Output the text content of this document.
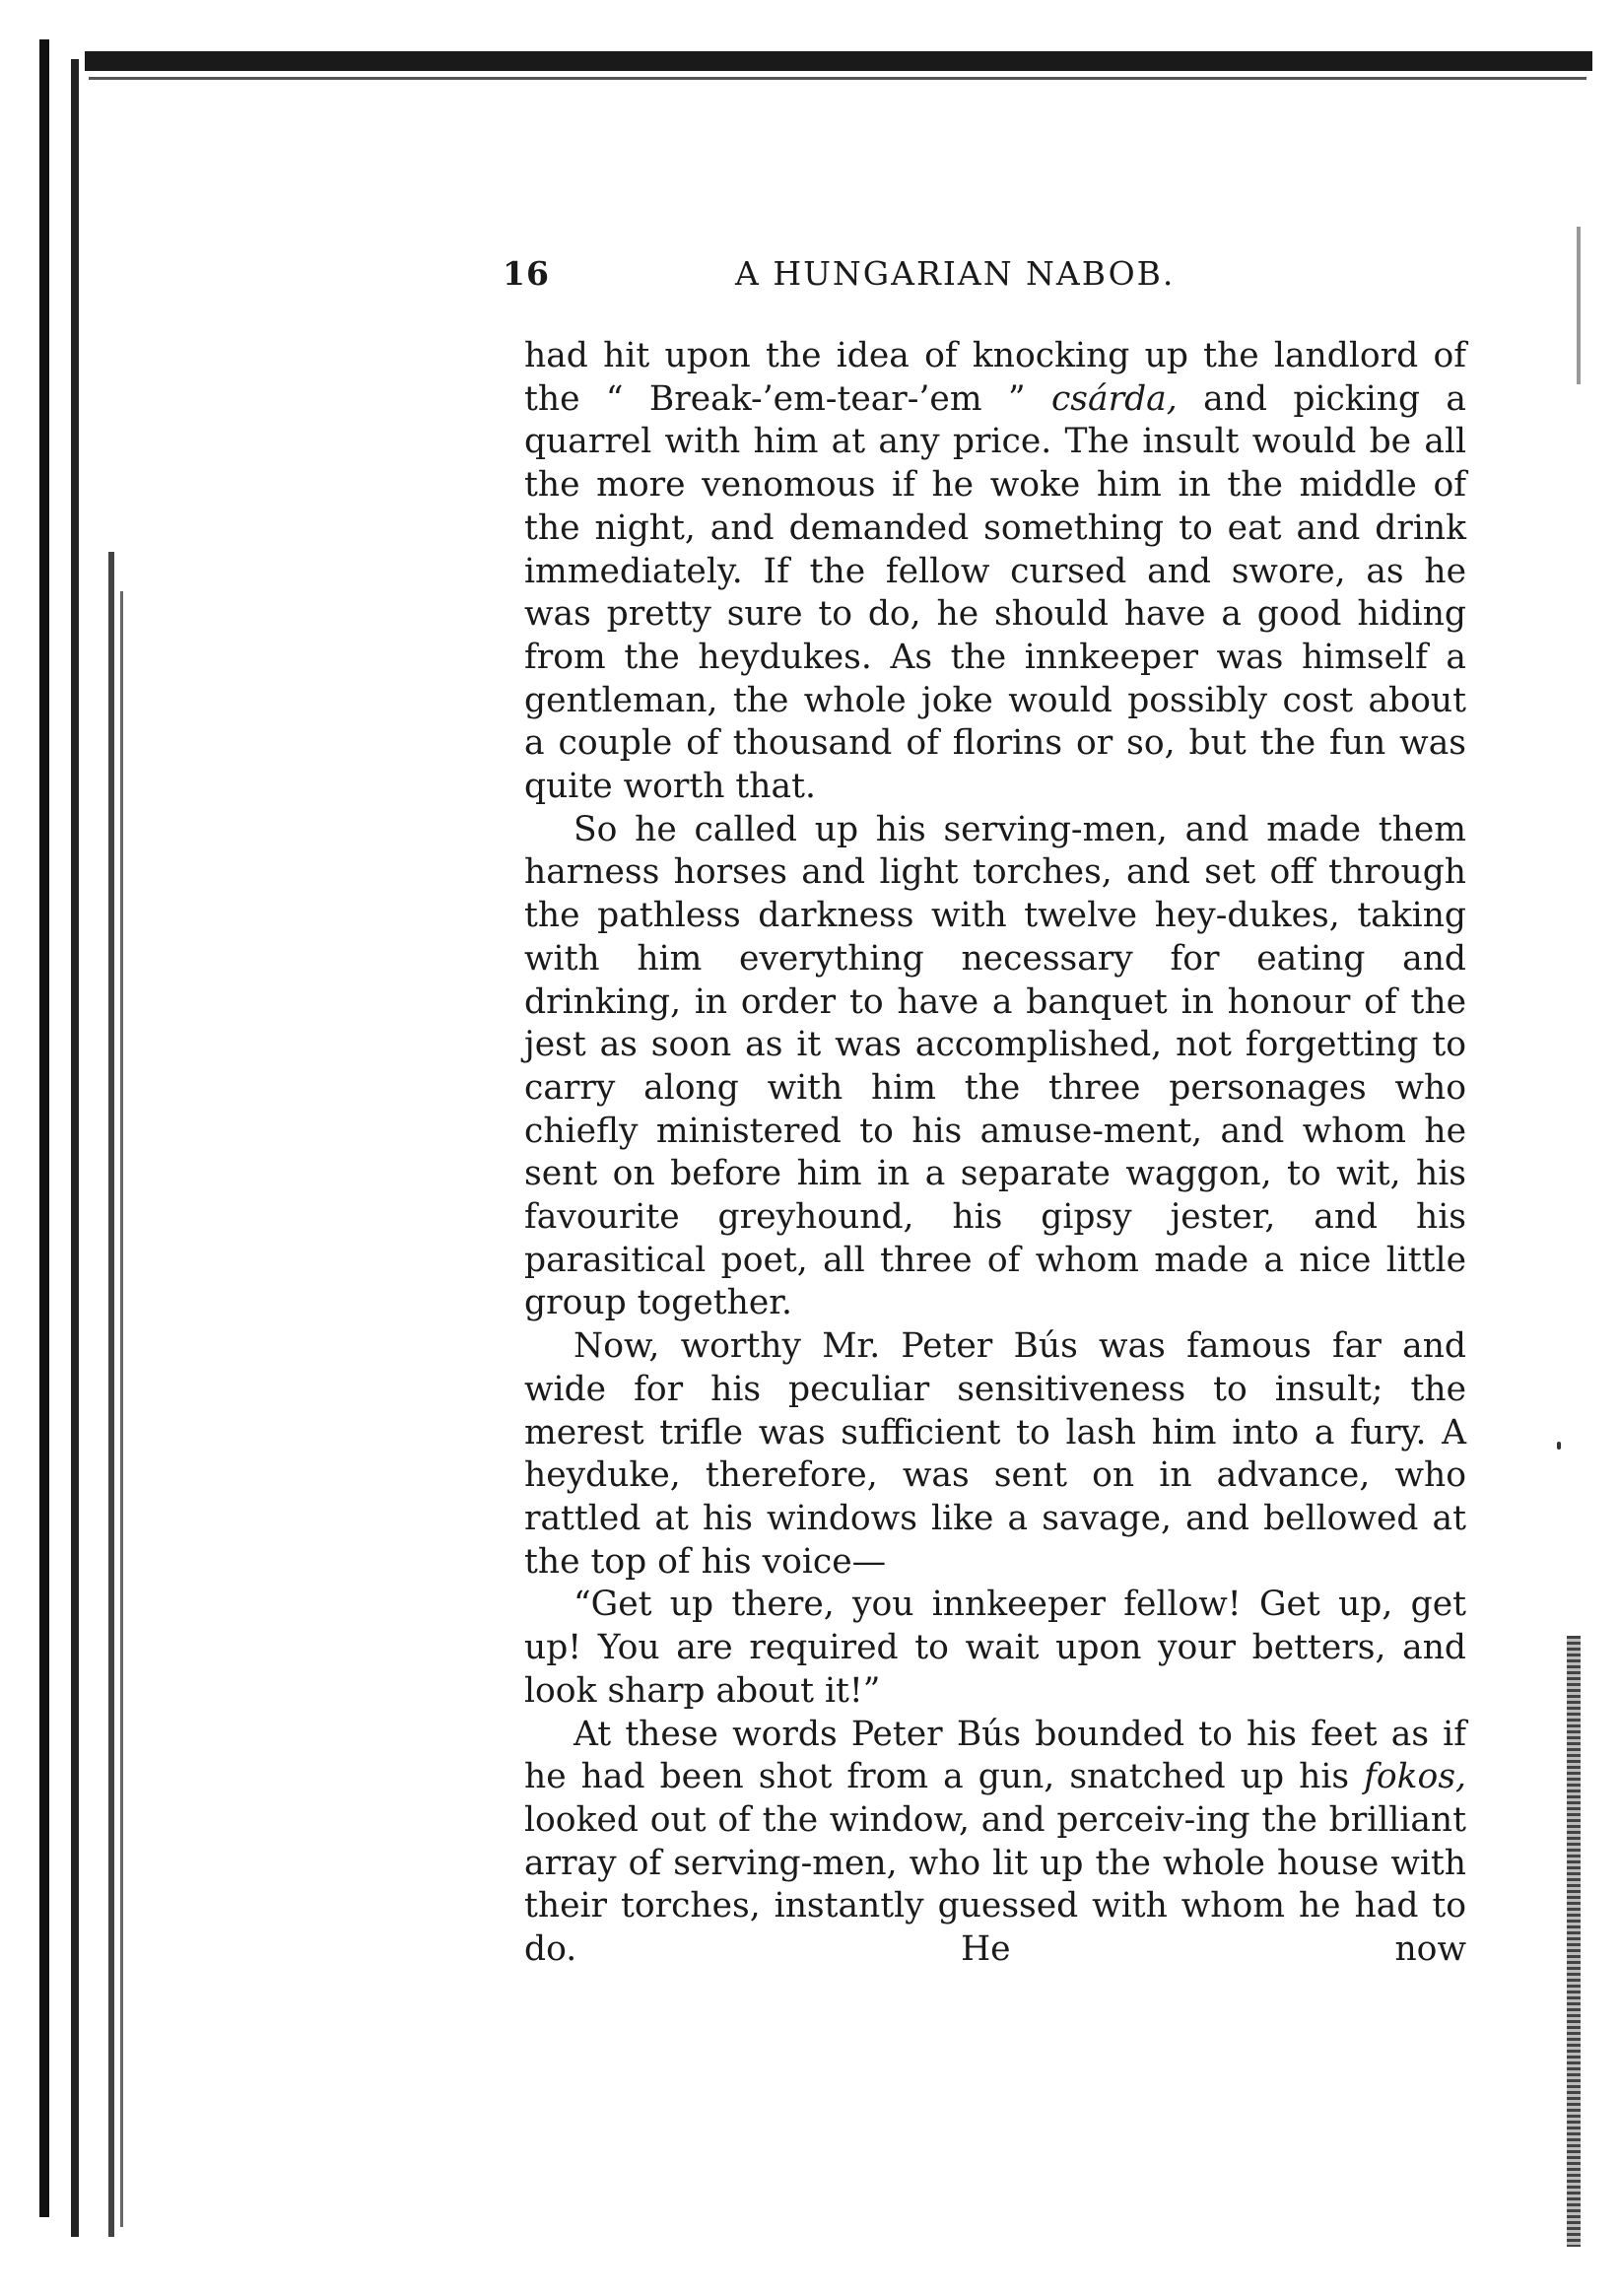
16	A HUNGARIAN NABOB.

had hit upon the idea of knocking up the landlord of the “ Break-’em-tear-’em ” csárda, and picking a quarrel with him at any price. The insult would be all the more venomous if he woke him in the middle of the night, and demanded something to eat and drink immediately. If the fellow cursed and swore, as he was pretty sure to do, he should have a good hiding from the heydukes. As the innkeeper was himself a gentleman, the whole joke would possibly cost about a couple of thousand of florins or so, but the fun was quite worth that.

So he called up his serving-men, and made them harness horses and light torches, and set off through the pathless darkness with twelve hey-dukes, taking with him everything necessary for eating and drinking, in order to have a banquet in honour of the jest as soon as it was accomplished, not forgetting to carry along with him the three personages who chiefly ministered to his amuse-ment, and whom he sent on before him in a separate waggon, to wit, his favourite greyhound, his gipsy jester, and his parasitical poet, all three of whom made a nice little group together.

Now, worthy Mr. Peter Bús was famous far and wide for his peculiar sensitiveness to insult; the merest trifle was sufficient to lash him into a fury. A heyduke, therefore, was sent on in advance, who rattled at his windows like a savage, and bellowed at the top of his voice—

“Get up there, you innkeeper fellow! Get up, get up! You are required to wait upon your betters, and look sharp about it!”

At these words Peter Bús bounded to his feet as if he had been shot from a gun, snatched up his fokos, looked out of the window, and perceiv-ing the brilliant array of serving-men, who lit up the whole house with their torches, instantly guessed with whom he had to do. He now
